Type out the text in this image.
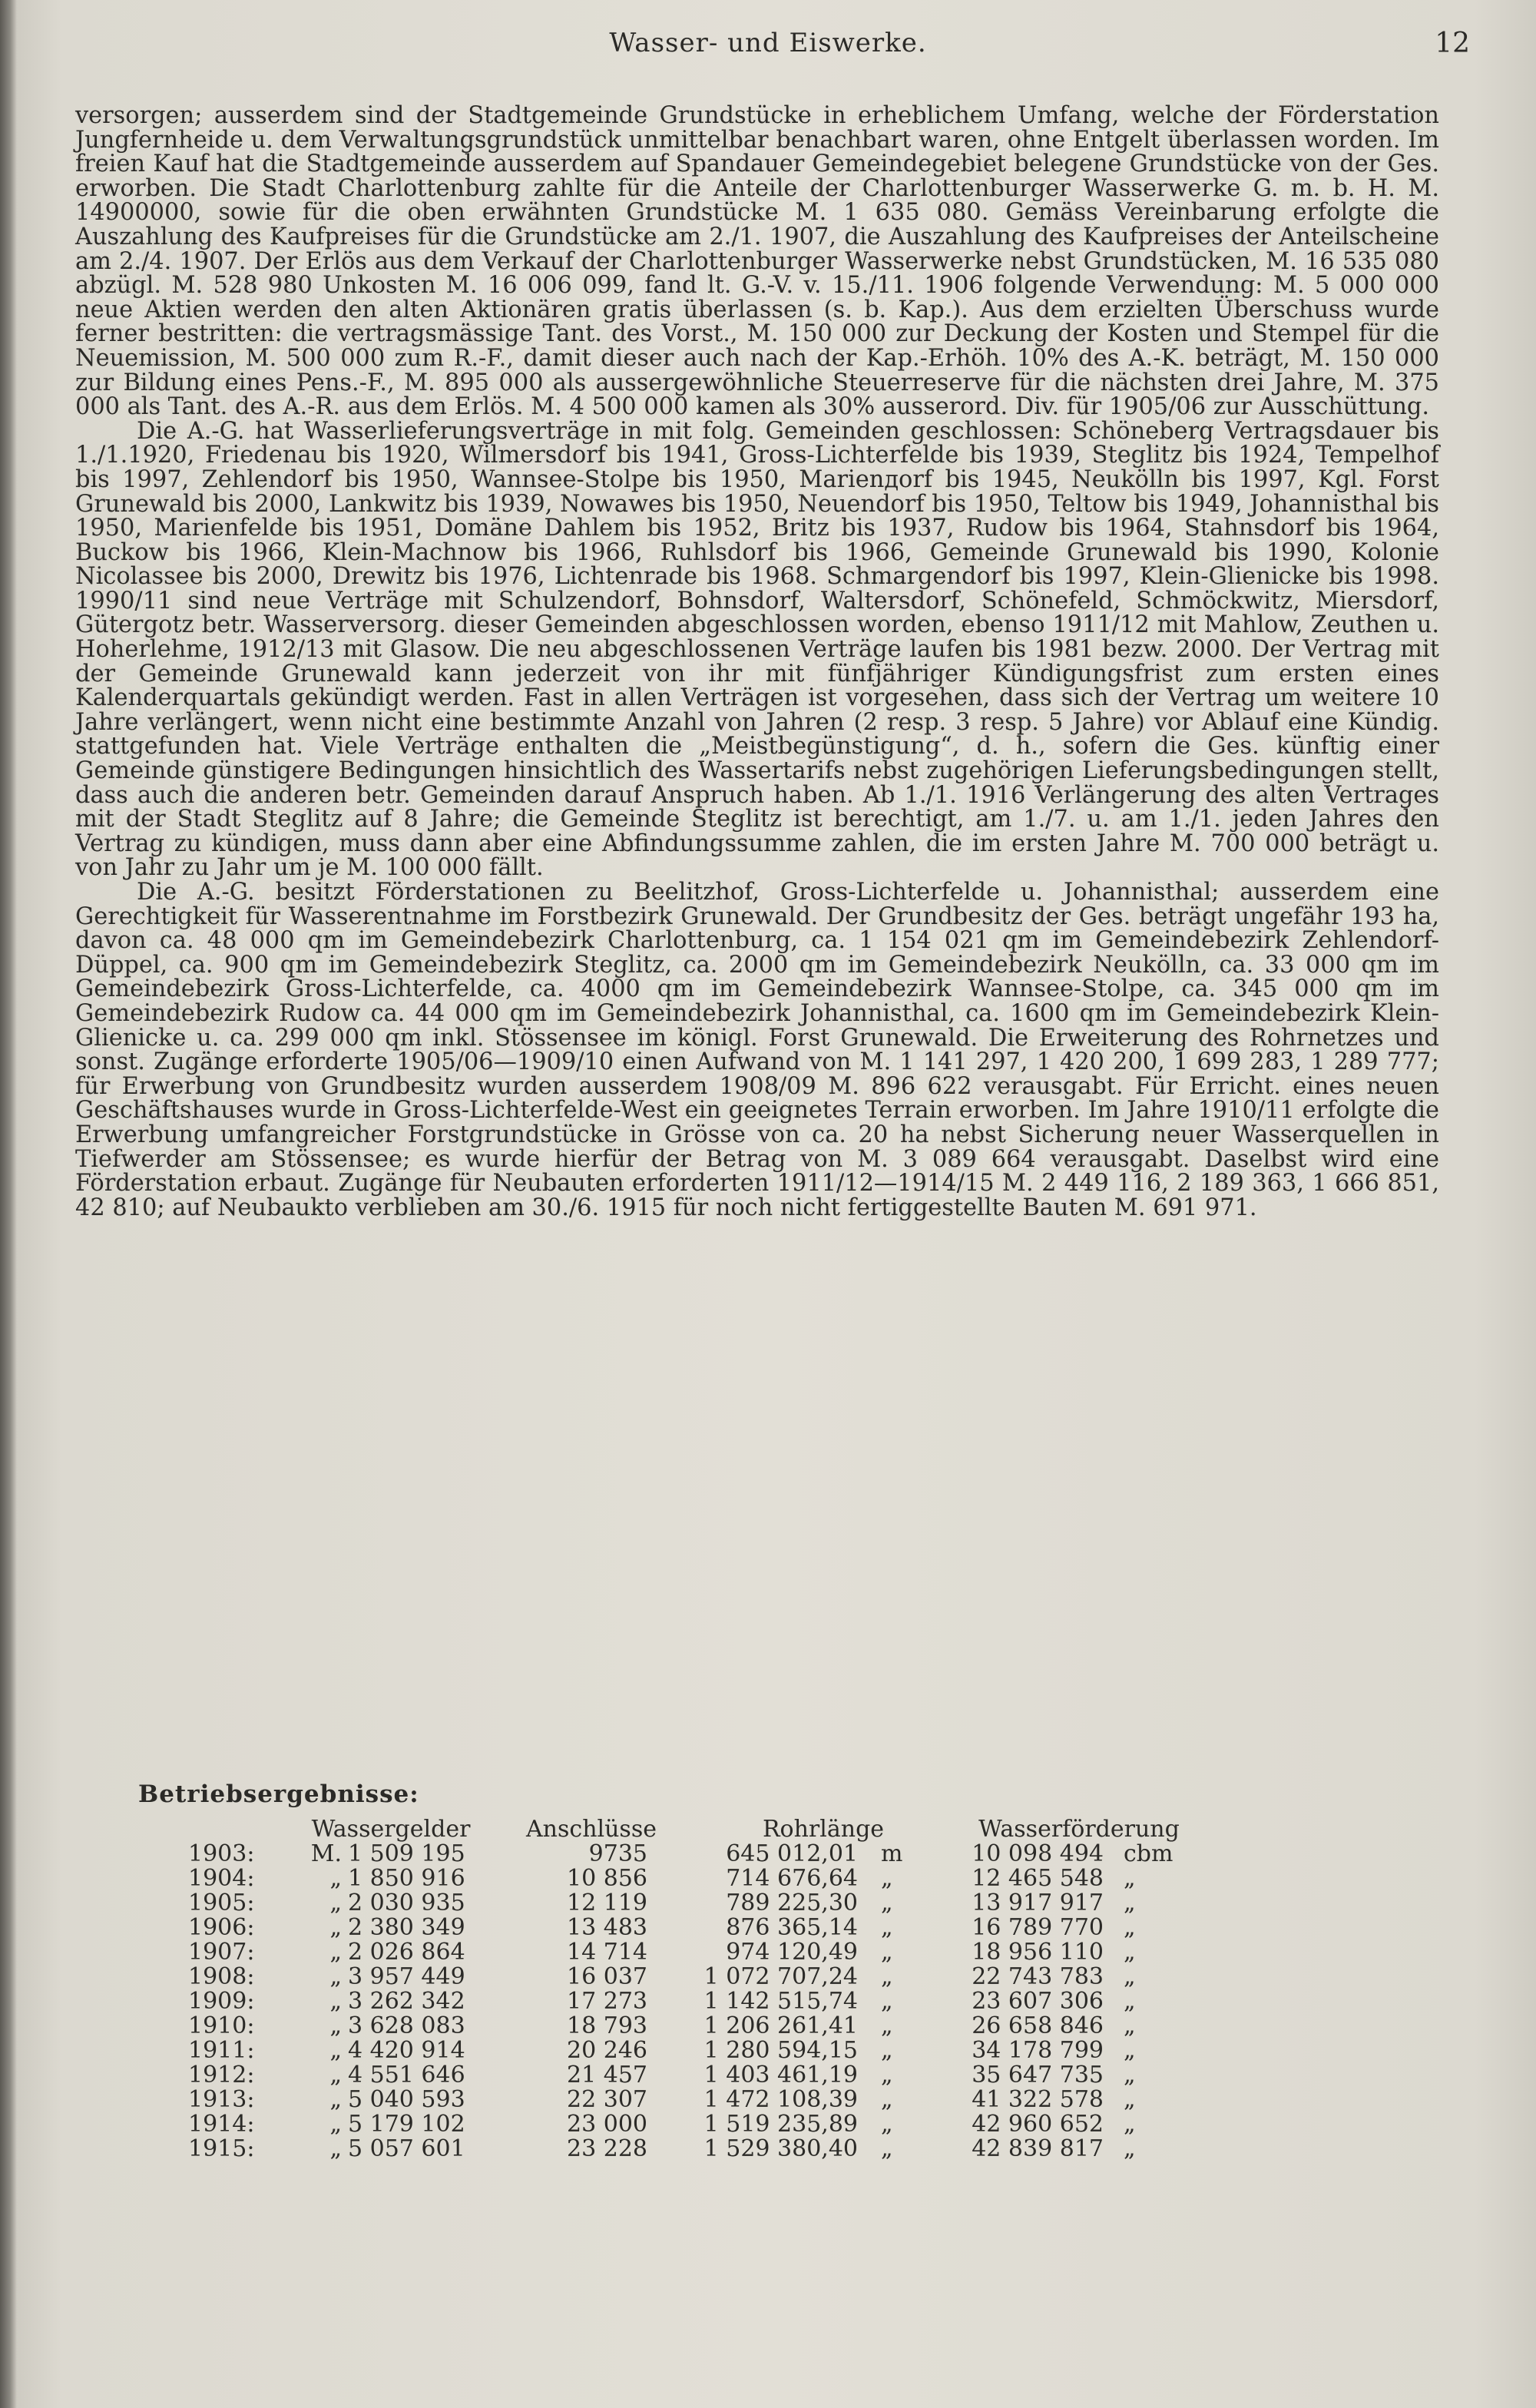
Wasser- und Eiswerke.	12

versorgen; ausserdem sind der Stadtgemeinde Grundstücke in erheblichem Umfang, welche der Förderstation Jungfernheide u. dem Verwaltungsgrundstück unmittelbar benachbart waren, ohne Entgelt überlassen worden. Im freien Kauf hat die Stadtgemeinde ausserdem auf Spandauer Gemeindegebiet belegene Grundstücke von der Ges. erworben. Die Stadt Charlottenburg zahlte für die Anteile der Charlottenburger Wasserwerke G. m. b. H. M. 14900000, sowie für die oben erwähnten Grundstücke M. 1 635 080. Gemäss Vereinbarung erfolgte die Auszahlung des Kaufpreises für die Grundstücke am 2./1. 1907, die Auszahlung des Kaufpreises der Anteilscheine am 2./4. 1907. Der Erlös aus dem Verkauf der Charlottenburger Wasserwerke nebst Grundstücken, M. 16 535 080 abzügl. M. 528 980 Unkosten M. 16 006 099, fand lt. G.-V. v. 15./11. 1906 folgende Verwendung: M. 5 000 000 neue Aktien werden den alten Aktionären gratis überlassen (s. b. Kap.). Aus dem erzielten Überschuss wurde ferner bestritten: die vertragsmässige Tant. des Vorst., M. 150 000 zur Deckung der Kosten und Stempel für die Neuemission, M. 500 000 zum R.-F., damit dieser auch nach der Kap.-Erhöh. 10% des A.-K. beträgt, M. 150 000 zur Bildung eines Pens.-F., M. 895 000 als aussergewöhnliche Steuerreserve für die nächsten drei Jahre, M. 375 000 als Tant. des A.-R. aus dem Erlös. M. 4 500 000 kamen als 30% ausserord. Div. für 1905/06 zur Ausschüttung.

Die A.-G. hat Wasserlieferungsverträge in mit folg. Gemeinden geschlossen: Schöneberg Vertragsdauer bis 1./1.1920, Friedenau bis 1920, Wilmersdorf bis 1941, Gross-Lichterfelde bis 1939, Steglitz bis 1924, Tempelhof bis 1997, Zehlendorf bis 1950, Wannsee-Stolpe bis 1950, Marienдorf bis 1945, Neukölln bis 1997, Kgl. Forst Grunewald bis 2000, Lankwitz bis 1939, Nowawes bis 1950, Neuendorf bis 1950, Teltow bis 1949, Johannisthal bis 1950, Marienfelde bis 1951, Domäne Dahlem bis 1952, Britz bis 1937, Rudow bis 1964, Stahnsdorf bis 1964, Buckow bis 1966, Klein-Machnow bis 1966, Ruhlsdorf bis 1966, Gemeinde Grunewald bis 1990, Kolonie Nicolassee bis 2000, Drewitz bis 1976, Lichtenrade bis 1968. Schmargendorf bis 1997, Klein-Glienicke bis 1998. 1990/11 sind neue Verträge mit Schulzendorf, Bohnsdorf, Waltersdorf, Schönefeld, Schmöckwitz, Miersdorf, Gütergotz betr. Wasserversorg. dieser Gemeinden abgeschlossen worden, ebenso 1911/12 mit Mahlow, Zeuthen u. Hoherlehme, 1912/13 mit Glasow. Die neu abgeschlossenen Verträge laufen bis 1981 bezw. 2000. Der Vertrag mit der Gemeinde Grunewald kann jederzeit von ihr mit fünfjähriger Kündigungsfrist zum ersten eines Kalenderquartals gekündigt werden. Fast in allen Verträgen ist vorgesehen, dass sich der Vertrag um weitere 10 Jahre verlängert, wenn nicht eine bestimmte Anzahl von Jahren (2 resp. 3 resp. 5 Jahre) vor Ablauf eine Kündig. stattgefunden hat. Viele Verträge enthalten die „Meistbegünstigung“, d. h., sofern die Ges. künftig einer Gemeinde günstigere Bedingungen hinsichtlich des Wassertarifs nebst zugehörigen Lieferungsbedingungen stellt, dass auch die anderen betr. Gemeinden darauf Anspruch haben. Ab 1./1. 1916 Verlängerung des alten Vertrages mit der Stadt Steglitz auf 8 Jahre; die Gemeinde Steglitz ist berechtigt, am 1./7. u. am 1./1. jeden Jahres den Vertrag zu kündigen, muss dann aber eine Abfindungssumme zahlen, die im ersten Jahre M. 700 000 beträgt u. von Jahr zu Jahr um je M. 100 000 fällt.

Die A.-G. besitzt Förderstationen zu Beelitzhof, Gross-Lichterfelde u. Johannisthal; ausserdem eine Gerechtigkeit für Wasserentnahme im Forstbezirk Grunewald. Der Grundbesitz der Ges. beträgt ungefähr 193 ha, davon ca. 48 000 qm im Gemeindebezirk Charlottenburg, ca. 1 154 021 qm im Gemeindebezirk Zehlendorf-Düppel, ca. 900 qm im Gemeindebezirk Steglitz, ca. 2000 qm im Gemeindebezirk Neukölln, ca. 33 000 qm im Gemeindebezirk Gross-Lichterfelde, ca. 4000 qm im Gemeindebezirk Wannsee-Stolpe, ca. 345 000 qm im Gemeindebezirk Rudow ca. 44 000 qm im Gemeindebezirk Johannisthal, ca. 1600 qm im Gemeindebezirk Klein-Glienicke u. ca. 299 000 qm inkl. Stössensee im königl. Forst Grunewald. Die Erweiterung des Rohrnetzes und sonst. Zugänge erforderte 1905/06—1909/10 einen Aufwand von M. 1 141 297, 1 420 200, 1 699 283, 1 289 777; für Erwerbung von Grundbesitz wurden ausserdem 1908/09 M. 896 622 verausgabt. Für Erricht. eines neuen Geschäftshauses wurde in Gross-Lichterfelde-West ein geeignetes Terrain erworben. Im Jahre 1910/11 erfolgte die Erwerbung umfangreicher Forstgrundstücke in Grösse von ca. 20 ha nebst Sicherung neuer Wasserquellen in Tiefwerder am Stössensee; es wurde hierfür der Betrag von M. 3 089 664 verausgabt. Daselbst wird eine Förderstation erbaut. Zugänge für Neubauten erforderten 1911/12—1914/15 M. 2 449 116, 2 189 363, 1 666 851, 42 810; auf Neubaukto verblieben am 30./6. 1915 für noch nicht fertiggestellte Bauten M. 691 971.

Betriebsergebnisse:
	Wassergelder		Anschlüsse	Rohrlänge		Wasserförderung	
1903:	M.	1 509 195	9735	645 012,01	m	10 098 494	cbm
1904:	„	1 850 916	10 856	714 676,64	„	12 465 548	„
1905:	„	2 030 935	12 119	789 225,30	„	13 917 917	„
1906:	„	2 380 349	13 483	876 365,14	„	16 789 770	„
1907:	„	2 026 864	14 714	974 120,49	„	18 956 110	„
1908:	„	3 957 449	16 037	1 072 707,24	„	22 743 783	„
1909:	„	3 262 342	17 273	1 142 515,74	„	23 607 306	„
1910:	„	3 628 083	18 793	1 206 261,41	„	26 658 846	„
1911:	„	4 420 914	20 246	1 280 594,15	„	34 178 799	„
1912:	„	4 551 646	21 457	1 403 461,19	„	35 647 735	„
1913:	„	5 040 593	22 307	1 472 108,39	„	41 322 578	„
1914:	„	5 179 102	23 000	1 519 235,89	„	42 960 652	„
1915:	„	5 057 601	23 228	1 529 380,40	„	42 839 817	„
